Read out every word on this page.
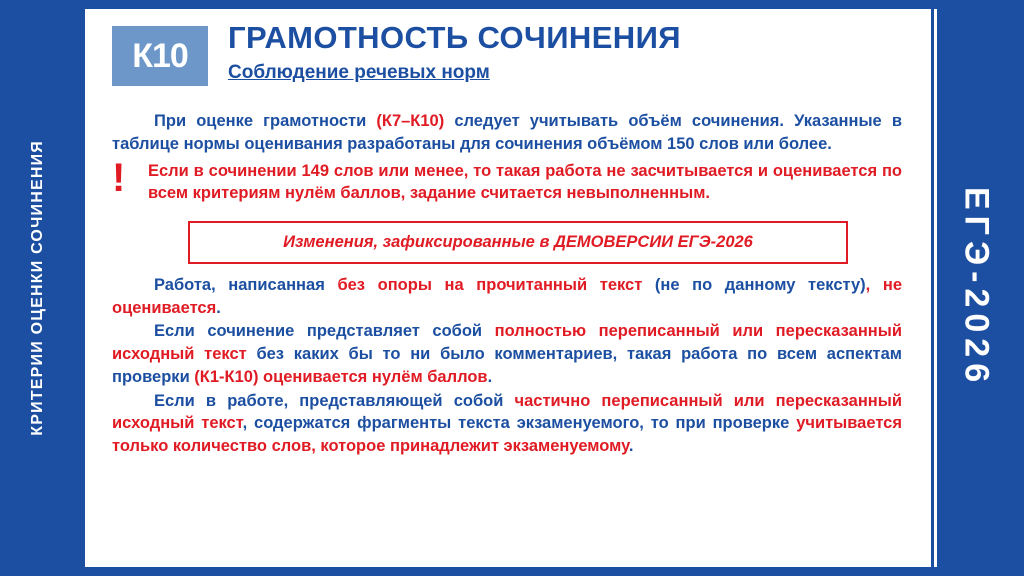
КРИТЕРИИ ОЦЕНКИ СОЧИНЕНИЯ	ЕГЭ-2026
К10 ГРАМОТНОСТЬ СОЧИНЕНИЯ
Соблюдение речевых норм

При оценке грамотности (К7–К10) следует учитывать объём сочинения. Указанные в таблице нормы оценивания разработаны для сочинения объёмом 150 слов или более.

! Если в сочинении 149 слов или менее, то такая работа не засчитывается и оценивается по всем критериям нулём баллов, задание считается невыполненным.

Изменения, зафиксированные в ДЕМОВЕРСИИ ЕГЭ-2026

Работа, написанная без опоры на прочитанный текст (не по данному тексту), не оценивается.

Если сочинение представляет собой полностью переписанный или пересказанный исходный текст без каких бы то ни было комментариев, такая работа по всем аспектам проверки (К1-К10) оценивается нулём баллов.

Если в работе, представляющей собой частично переписанный или пересказанный исходный текст, содержатся фрагменты текста экзаменуемого, то при проверке учитывается только количество слов, которое принадлежит экзаменуемому.
